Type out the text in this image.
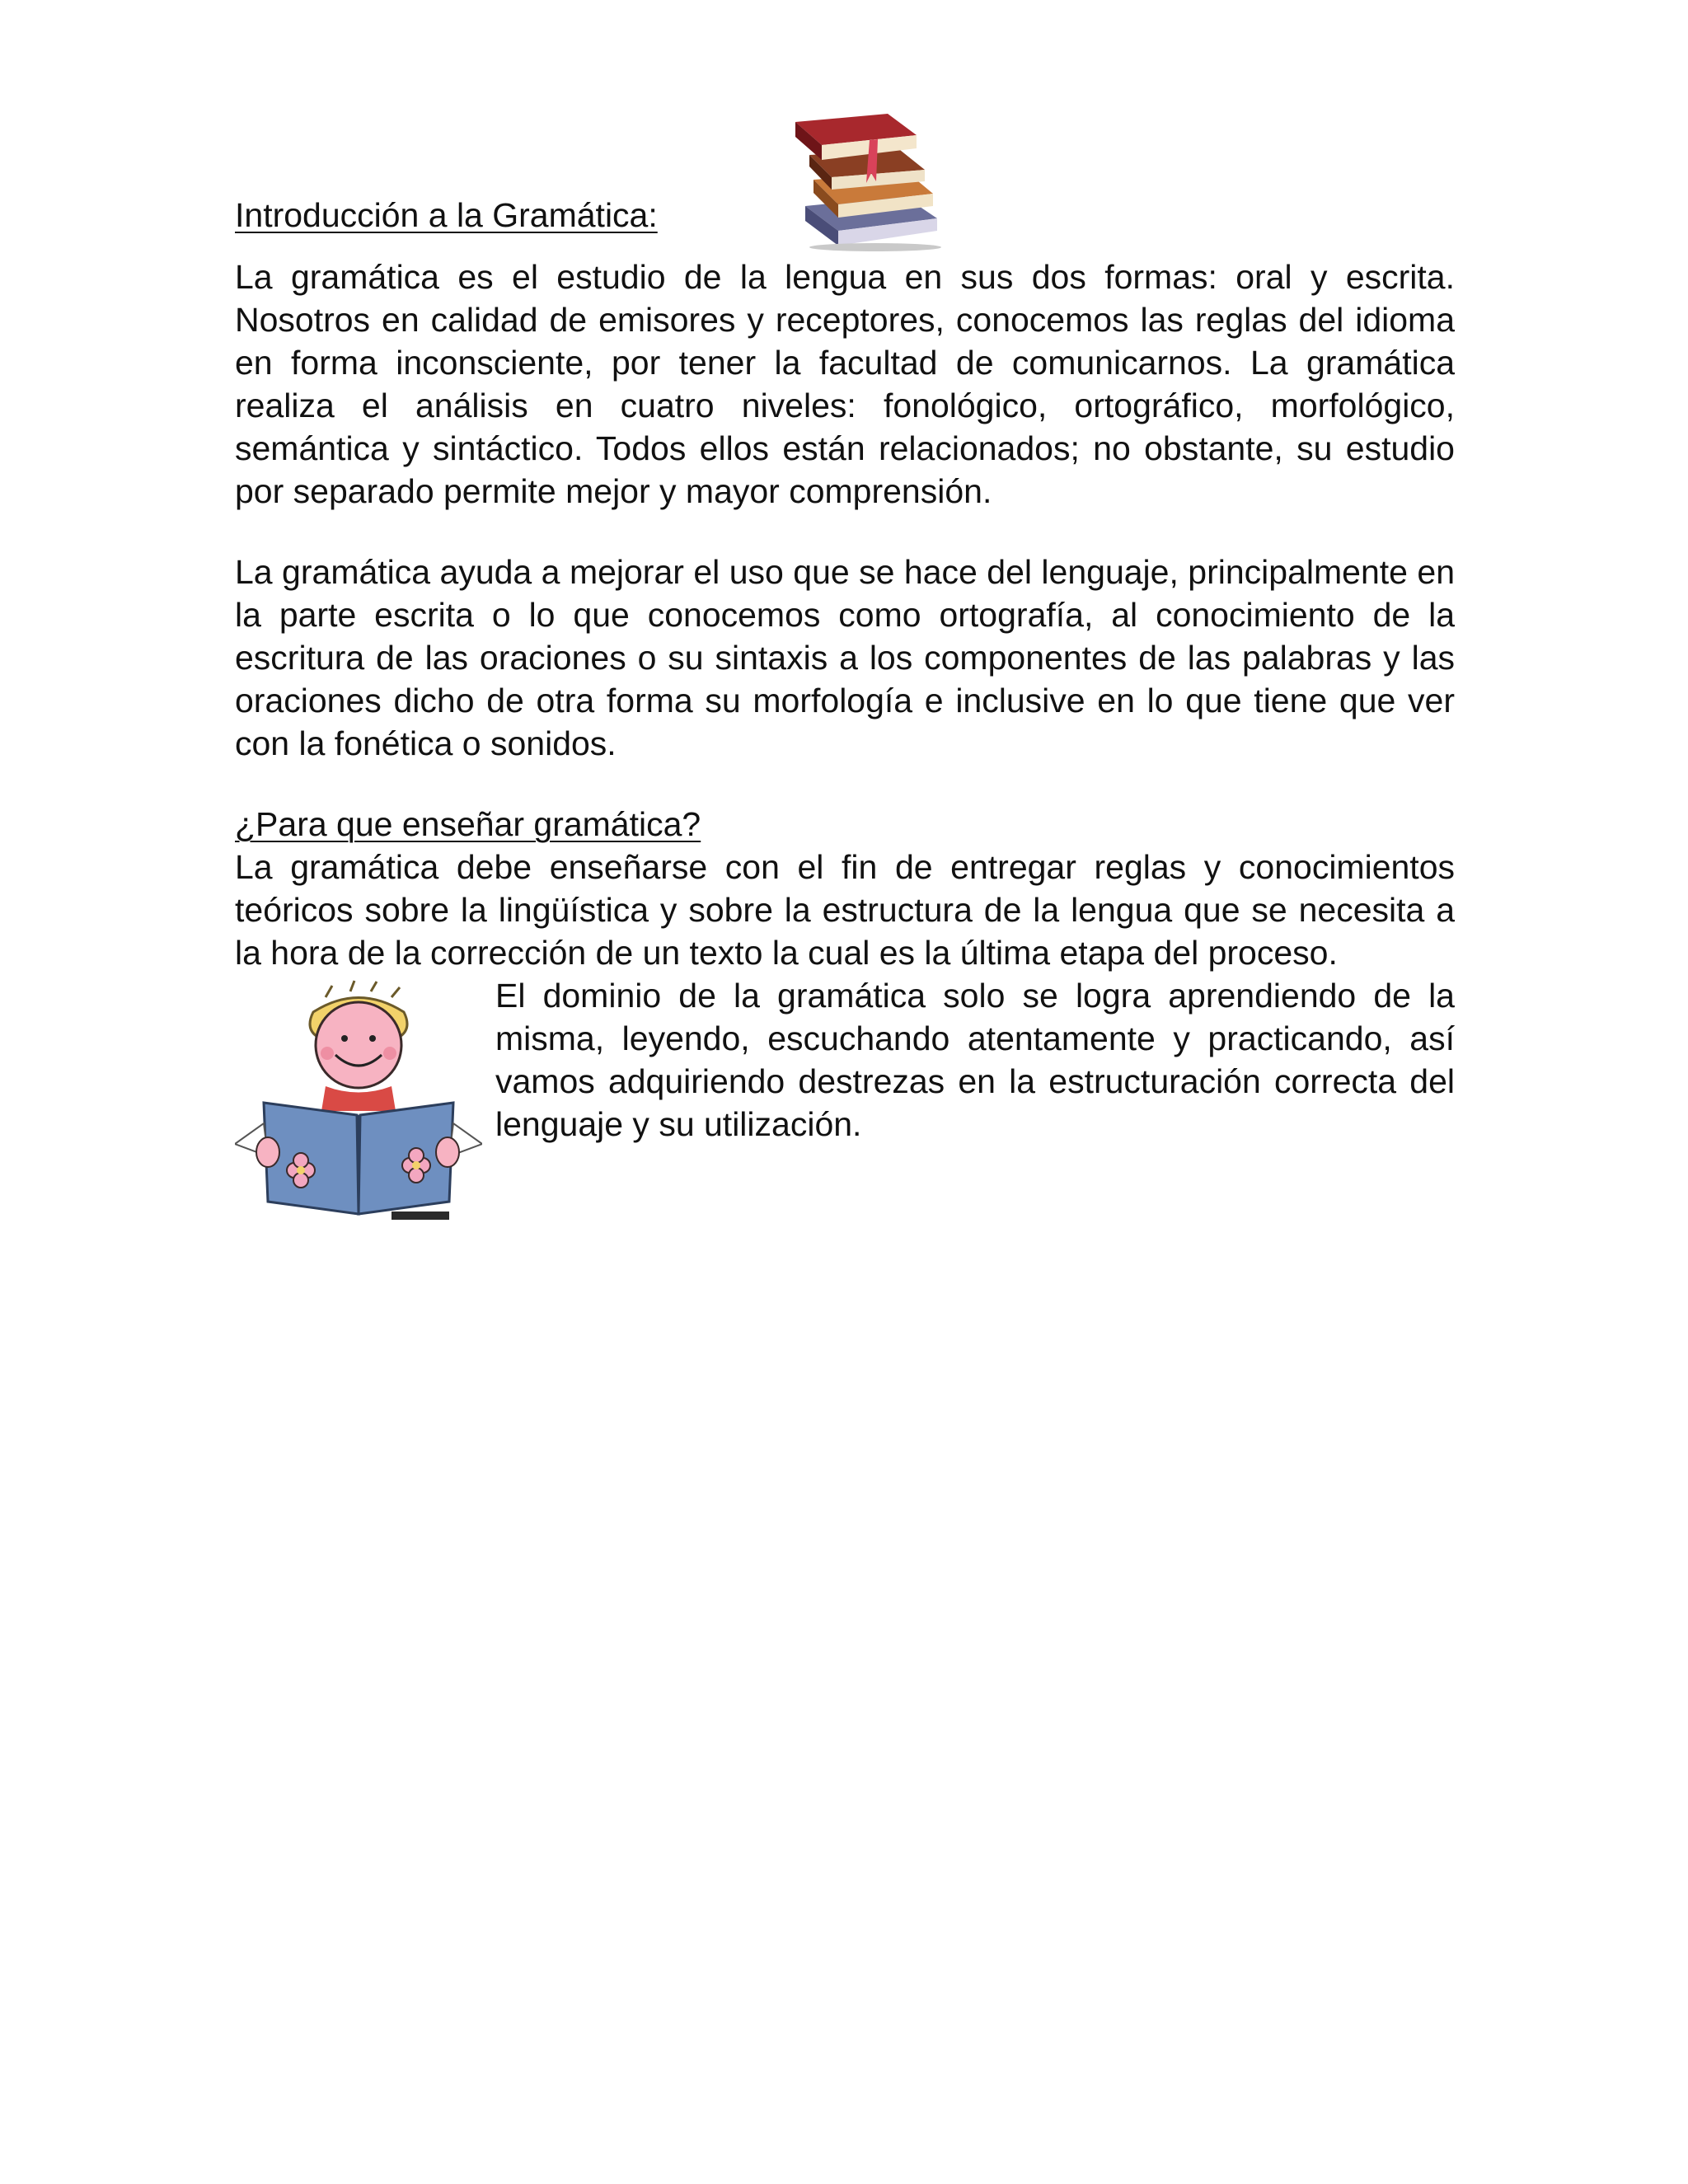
Introducción a la Gramática:

La gramática es el estudio de la lengua en sus dos formas: oral y escrita. Nosotros en calidad de emisores y receptores, conocemos las reglas del idioma en forma inconsciente, por tener la facultad de comunicarnos. La gramática realiza el análisis en cuatro niveles: fonológico, ortográfico, morfológico, semántica y sintáctico. Todos ellos están relacionados; no obstante, su estudio por separado permite mejor y mayor comprensión.

La gramática ayuda a mejorar el uso que se hace del lenguaje, principalmente en la parte escrita o lo que conocemos como ortografía, al conocimiento de la escritura de las oraciones o su sintaxis a los componentes de las palabras y las oraciones dicho de otra forma su morfología e inclusive en lo que tiene que ver con la fonética o sonidos.

¿Para que enseñar gramática?

La gramática debe enseñarse con el fin de entregar reglas y conocimientos teóricos sobre la lingüística y sobre la estructura de la lengua que se necesita a la hora de la corrección de un texto la cual es la última etapa del proceso.

El dominio de la gramática solo se logra aprendiendo de la misma, leyendo, escuchando atentamente y practicando, así vamos adquiriendo destrezas en la estructuración correcta del lenguaje y su utilización.
